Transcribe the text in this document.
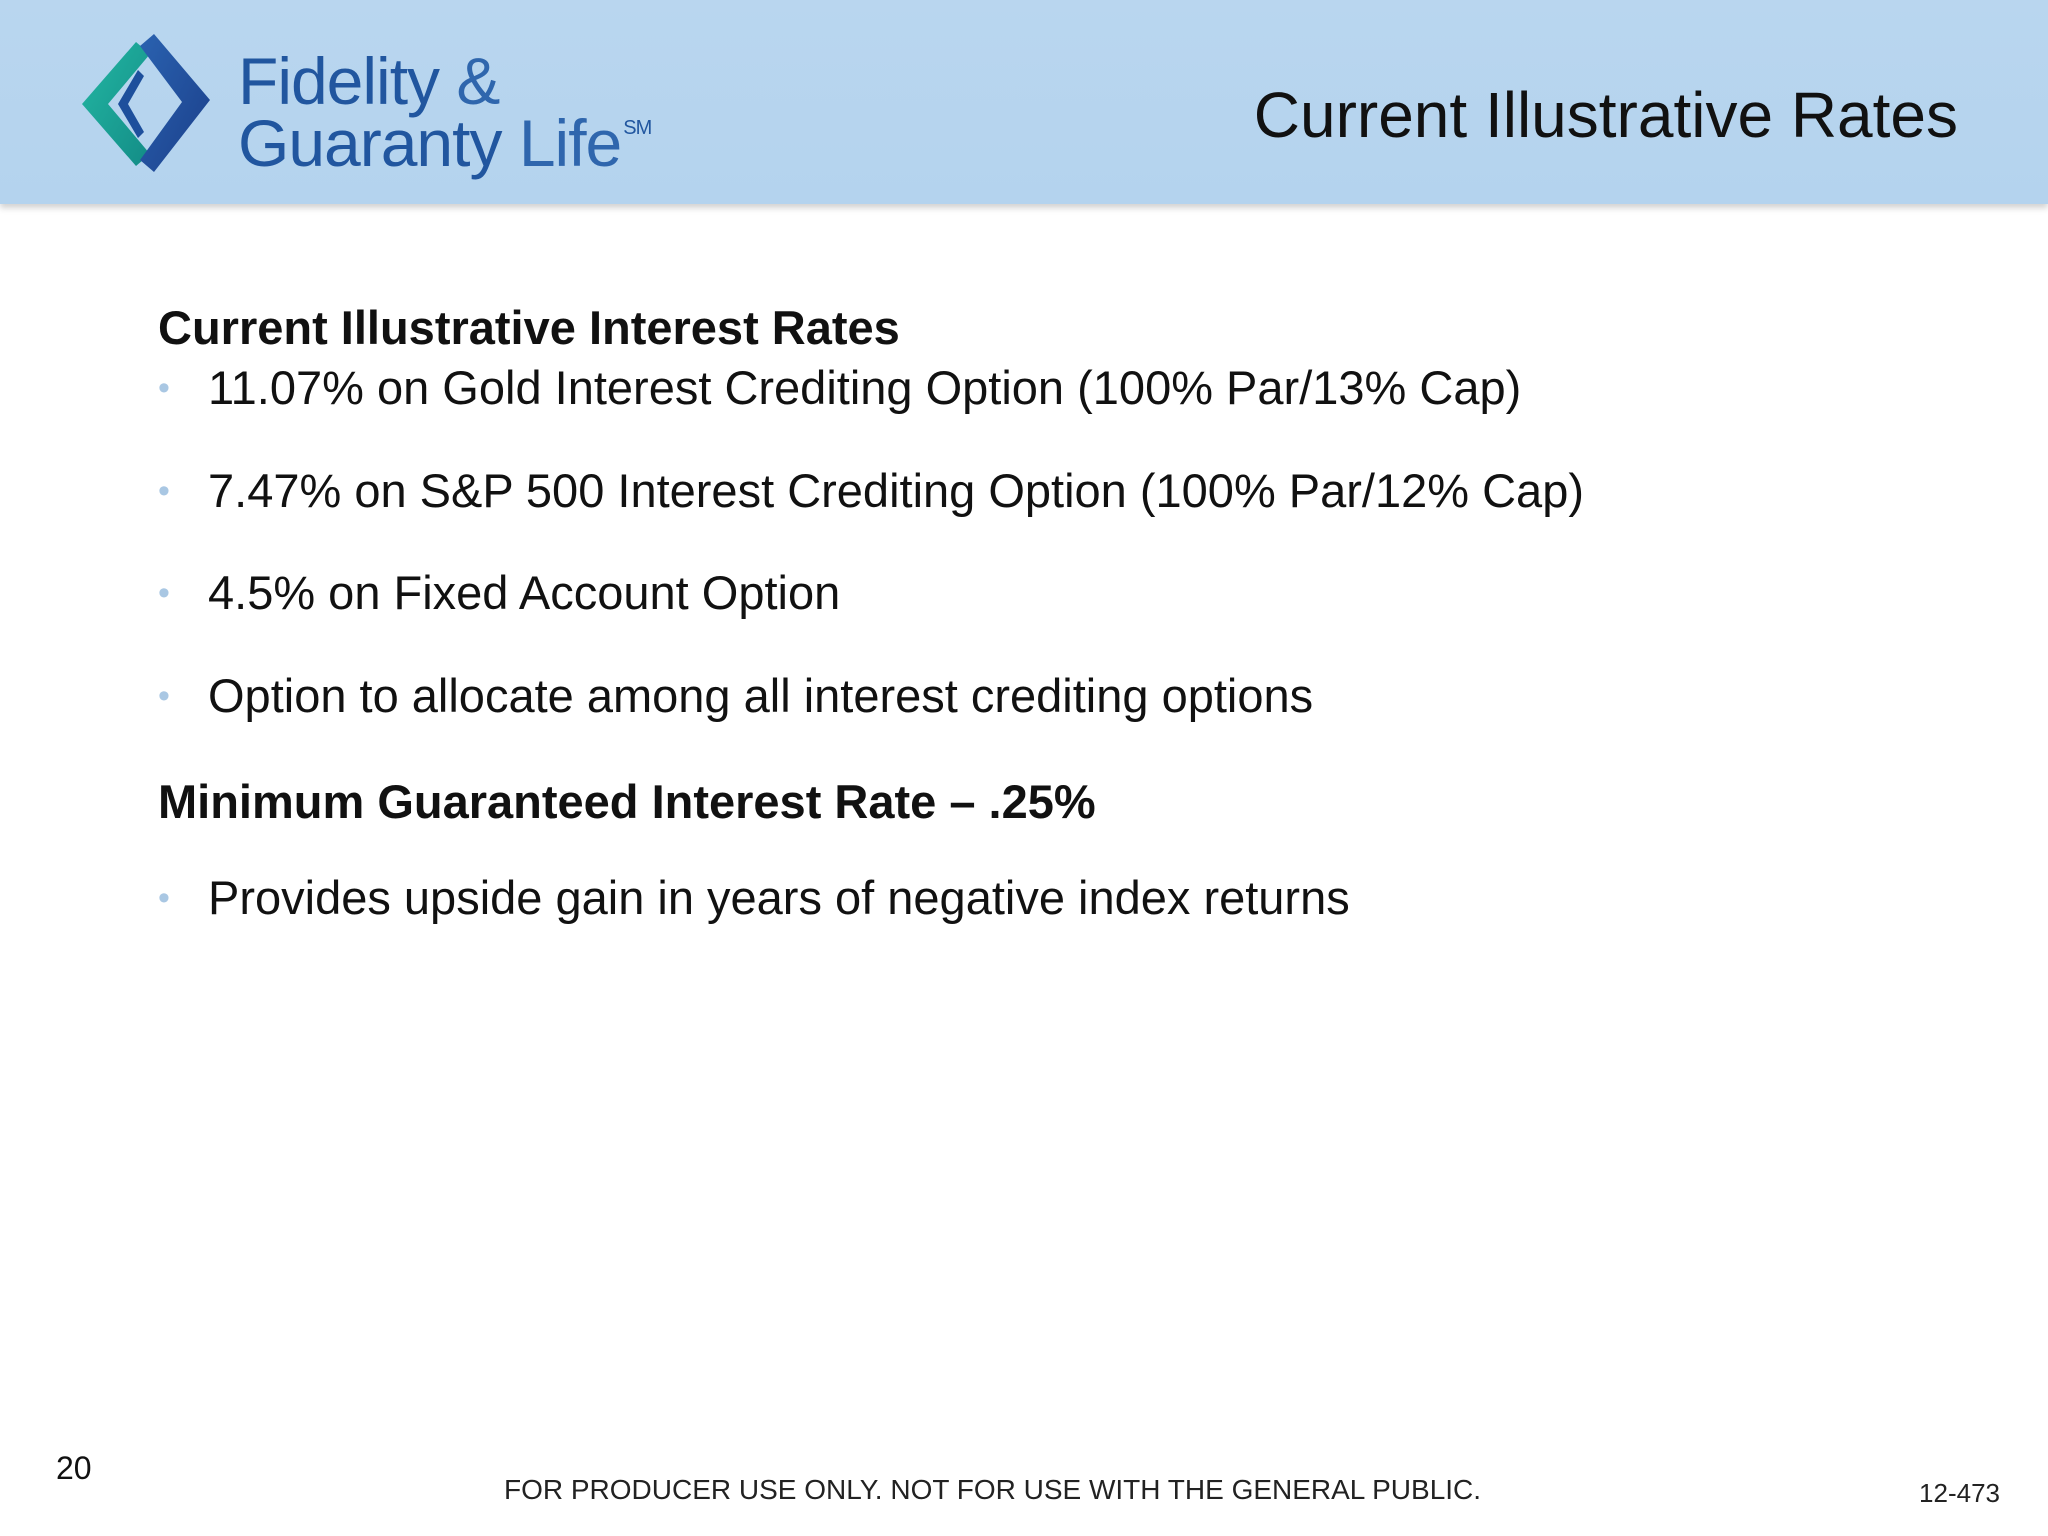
Fidelity &
Guaranty Life ℠	Current Illustrative Rates
Current Illustrative Interest Rates
• 11.07% on Gold Interest Crediting Option (100% Par/13% Cap)
• 7.47% on S&P 500 Interest Crediting Option (100% Par/12% Cap)
• 4.5% on Fixed Account Option
• Option to allocate among all interest crediting options
Minimum Guaranteed Interest Rate – .25%
• Provides upside gain in years of negative index returns
20
FOR PRODUCER USE ONLY. NOT FOR USE WITH THE GENERAL PUBLIC.	12-473
